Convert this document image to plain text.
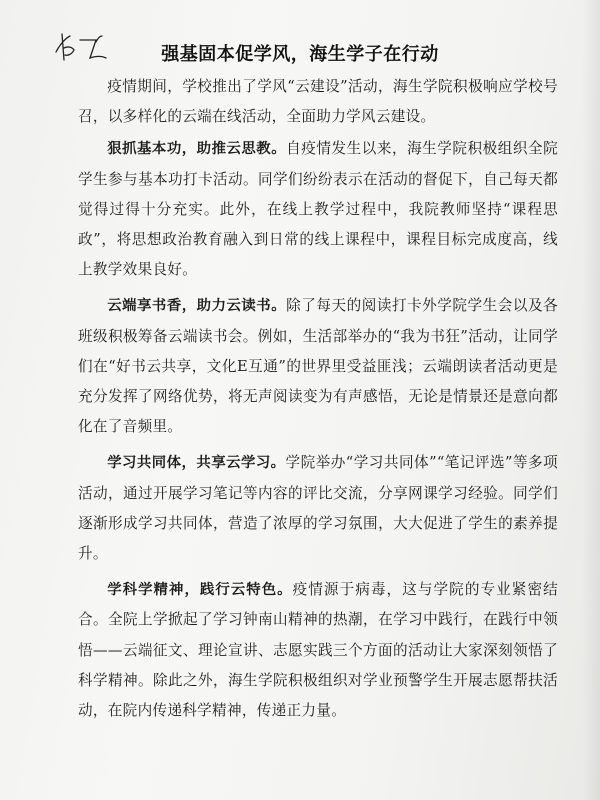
强基固本促学风，海生学子在行动

疫情期间，学校推出了学风“云建设”活动，海生学院积极响应学校号召，以多样化的云端在线活动，全面助力学风云建设。

狠抓基本功，助推云思教。自疫情发生以来，海生学院积极组织全院学生参与基本功打卡活动。同学们纷纷表示在活动的督促下，自己每天都觉得过得十分充实。此外，在线上教学过程中，我院教师坚持“课程思政”，将思想政治教育融入到日常的线上课程中，课程目标完成度高，线上教学效果良好。

云端享书香，助力云读书。除了每天的阅读打卡外学院学生会以及各班级积极筹备云端读书会。例如，生活部举办的“我为书狂”活动，让同学们在“好书云共享，文化E互通”的世界里受益匪浅；云端朗读者活动更是充分发挥了网络优势，将无声阅读变为有声感悟，无论是情景还是意向都化在了音频里。

学习共同体，共享云学习。学院举办“学习共同体”“笔记评选”等多项活动，通过开展学习笔记等内容的评比交流，分享网课学习经验。同学们逐渐形成学习共同体，营造了浓厚的学习氛围，大大促进了学生的素养提升。

学科学精神，践行云特色。疫情源于病毒，这与学院的专业紧密结合。全院上学掀起了学习钟南山精神的热潮，在学习中践行，在践行中领悟——云端征文、理论宣讲、志愿实践三个方面的活动让大家深刻领悟了科学精神。除此之外，海生学院积极组织对学业预警学生开展志愿帮扶活动，在院内传递科学精神，传递正力量。
